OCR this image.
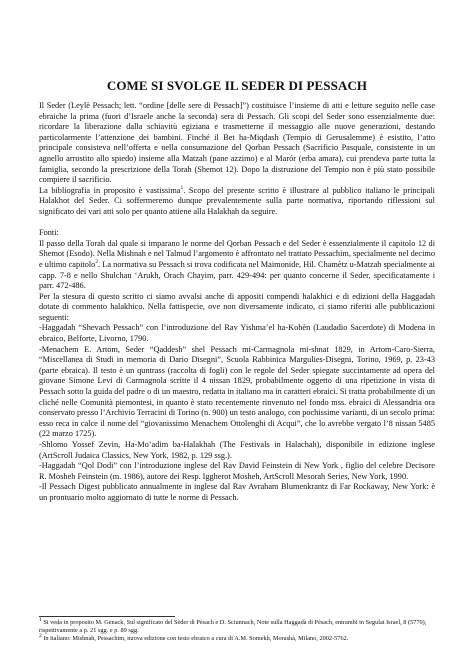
COME SI SVOLGE IL SEDER DI PESSACH

Il Seder (Leylè Pessach; lett. “ordine [delle sere di Pessach]”) costituisce l’insieme di atti e letture seguito nelle case ebraiche la prima (fuori d’Israele anche la seconda) sera di Pessach. Gli scopi del Seder sono essenzialmente due: ricordare la liberazione dalla schiavitù egiziana e trasmetterne il messaggio alle nuove generazioni, destando particolarmente l’attenzione dei bambini. Finché il Bet ha-Miqdash (Tempio di Gerusalemme) è esistito, l’atto principale consisteva nell’offerta e nella consumazione del Qorban Pessach (Sacrificio Pasquale, consistente in un agnello arrostito allo spiedo) insieme alla Matzah (pane azzimo) e al Marór (erba amara), cui prendeva parte tutta la famiglia, secondo la prescrizione della Torah (Shemot 12). Dopo la distruzione del Tempio non è più stato possibile compiere il sacrificio.

La bibliografia in proposito è vastissima$^1$. Scopo del presente scritto è illustrare al pubblico italiano le principali Halakhot del Seder. Ci soffermeremo dunque prevalentemente sulla parte normativa, riportando riflessioni sul significato dei vari atti solo per quanto attiene alla Halakhah da seguire.

Fonti:

Il passo della Torah dal quale si imparano le norme del Qorban Pessach e del Seder è essenzialmente il capitolo 12 di Shemot (Esodo). Nella Mishnah e nel Talmud l’argomento è affrontato nel trattato Pessachim, specialmente nel decimo e ultimo capitolo$^2$. La normativa su Pessach si trova codificata nel Maimonide, Hil. Chamètz u-Matzah specialmente ai capp. 7-8 e nello Shulchan ‘Arukh, Orach Chayim, parr. 429-494: per quanto concerne il Seder, specificatamente i parr. 472-486.

Per la stesura di questo scritto ci siamo avvalsi anche di appositi compendi halakhici e di edizioni della Haggadah dotate di commento halakhico. Nella fattispecie, ove non diversamente indicato, ci siamo riferiti alle pubblicazioni seguenti:

-Haggadah “Shevach Pessach” con l’introduzione del Rav Yishma’el ha-Kohèn (Laudadio Sacerdote) di Modena in ebraico, Belforte, Livorno, 1790.

-Menachem E. Artom, Seder “Qaddesh” shel Pessach mi-Carmagnola mi-shnat 1829, in Artom-Caro-Sierra, “Miscellanea di Studi in memoria di Dario Disegni”, Scuola Rabbinica Margulies-Disegni, Torino, 1969, p. 23-43 (parte ebraica). Il testo è un quntrass (raccolta di fogli) con le regole del Seder spiegate succintamente ad opera del giovane Simone Levi di Carmagnola scritte il 4 nissan 1829, probabilmente oggetto di una ripetizione in vista di Pessach sotto la guida del padre o di un maestro, redatta in italiano ma in caratteri ebraici. Si tratta probabilmente di un cliché nelle Comunità piemontesi, in quanto è stato recentemente rinvenuto nel fondo mss. ebraici di Alessandria ora conservato presso l’Archivio Terracini di Torino (n. 900) un testo analogo, con pochissime varianti, di un secolo prima: esso reca in calce il nome del “giovanissimo Menachem Ottolenghi di Acqui”, che lo avrebbe vergato l’8 nissan 5485 (22 marzo 1725).

-Shlomo Yossef Zevin, Ha-Mo’adim ba-Halakhah (The Festivals in Halachah), disponibile in edizione inglese (ArtScroll Judaica Classics, New York, 1982, p. 129 ssg.).

-Haggadah “Qol Dodi” con l’introduzione inglese del Rav David Feinstein di New York , figlio del celebre Decisore R. Mosheh Feinstein (m. 1986), autore dei Resp. Iggherot Mosheh, ArtScroll Mesorah Series, New York, 1990.

-Il Pessach Digest pubblicato annualmente in inglese dal Rav Avraham Blumenkrantz di Far Rockaway, New York: è un prontuario molto aggiornato di tutte le norme di Pessach.

$^1$ Si veda in proposito M. Genack, Sul significato del Sèder di Pèsach e D. Sciunnach, Note sulla Haggadà di Pèsach, entrambi in Segulat Israel, 8 (5770), rispettivamente a p. 21 sgg. e p. 89 sgg.

$^2$ In italiano: Mishnah, Pessachim, nuova edizione con testo ebraico a cura di A.M. Somekh, Morashà, Milano, 2002-5762.
